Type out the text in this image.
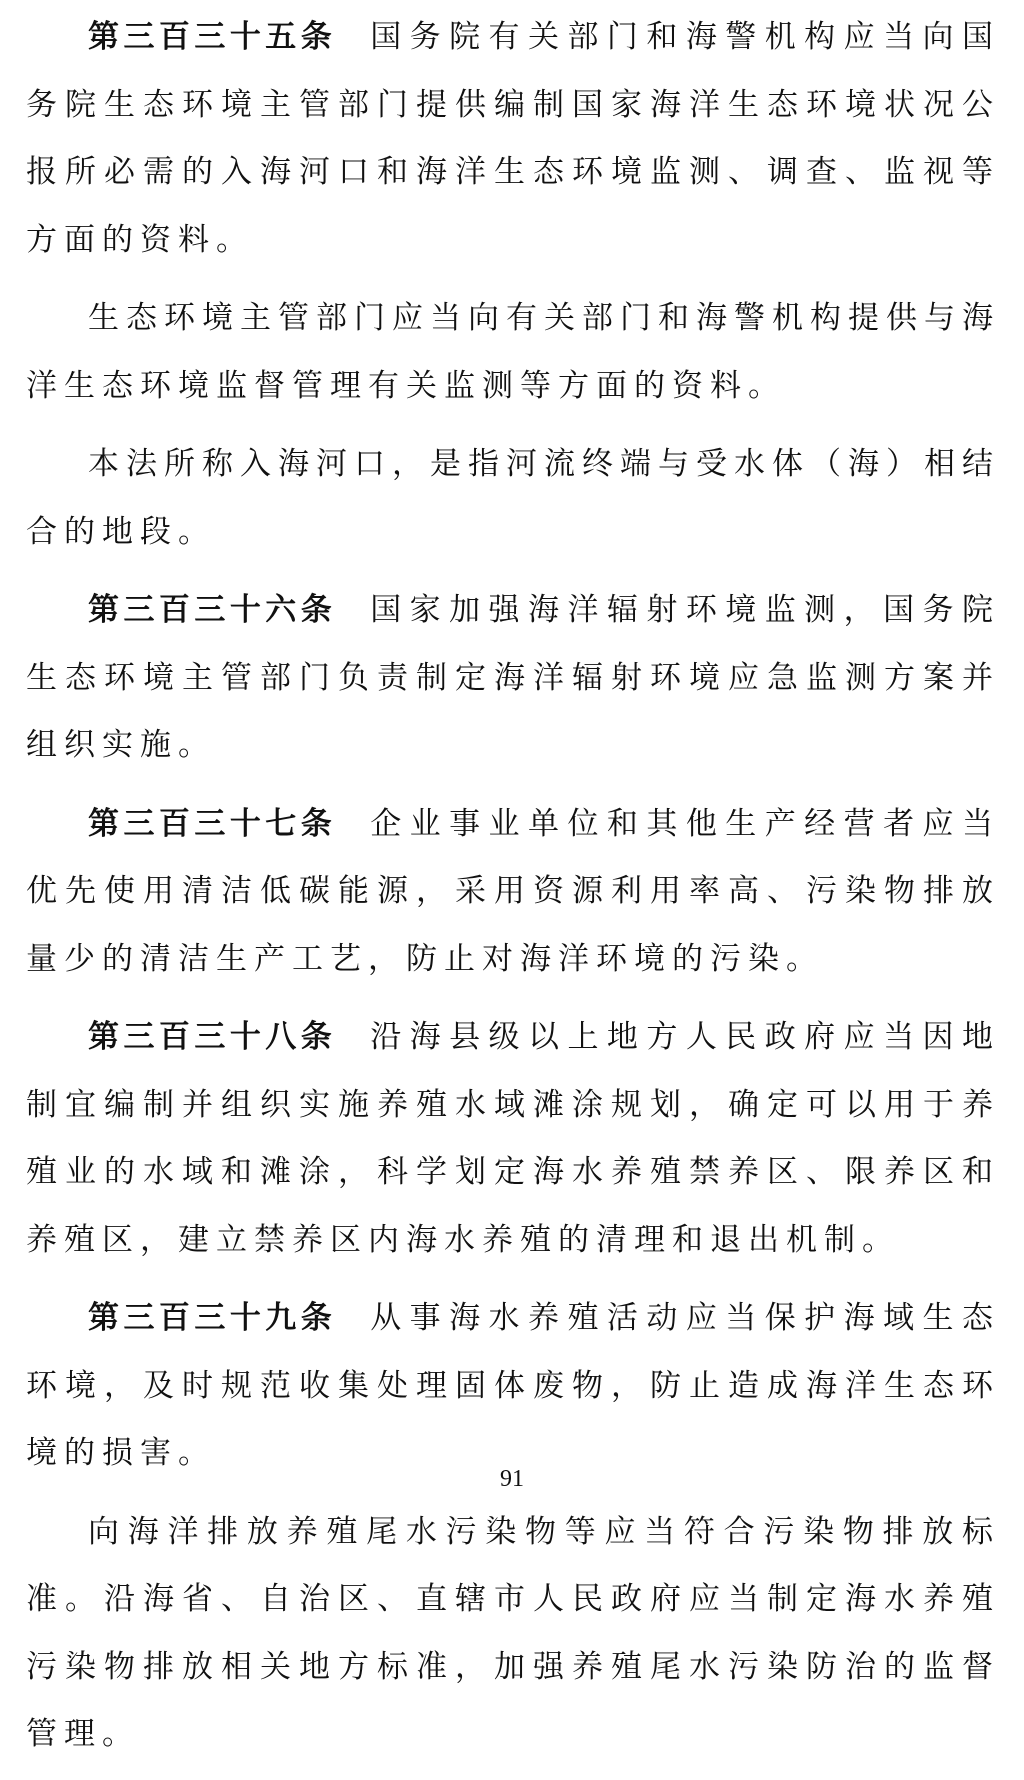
第三百三十五条 国务院有关部门和海警机构应当向国务院生态环境主管部门提供编制国家海洋生态环境状况公报所必需的入海河口和海洋生态环境监测、调查、监视等方面的资料。

生态环境主管部门应当向有关部门和海警机构提供与海洋生态环境监督管理有关监测等方面的资料。

本法所称入海河口，是指河流终端与受水体（海）相结合的地段。

第三百三十六条 国家加强海洋辐射环境监测，国务院生态环境主管部门负责制定海洋辐射环境应急监测方案并组织实施。

第三百三十七条 企业事业单位和其他生产经营者应当优先使用清洁低碳能源，采用资源利用率高、污染物排放量少的清洁生产工艺，防止对海洋环境的污染。

第三百三十八条 沿海县级以上地方人民政府应当因地制宜编制并组织实施养殖水域滩涂规划，确定可以用于养殖业的水域和滩涂，科学划定海水养殖禁养区、限养区和养殖区，建立禁养区内海水养殖的清理和退出机制。

第三百三十九条 从事海水养殖活动应当保护海域生态环境，及时规范收集处理固体废物，防止造成海洋生态环境的损害。

向海洋排放养殖尾水污染物等应当符合污染物排放标准。沿海省、自治区、直辖市人民政府应当制定海水养殖污染物排放相关地方标准，加强养殖尾水污染防治的监督管理。

91
